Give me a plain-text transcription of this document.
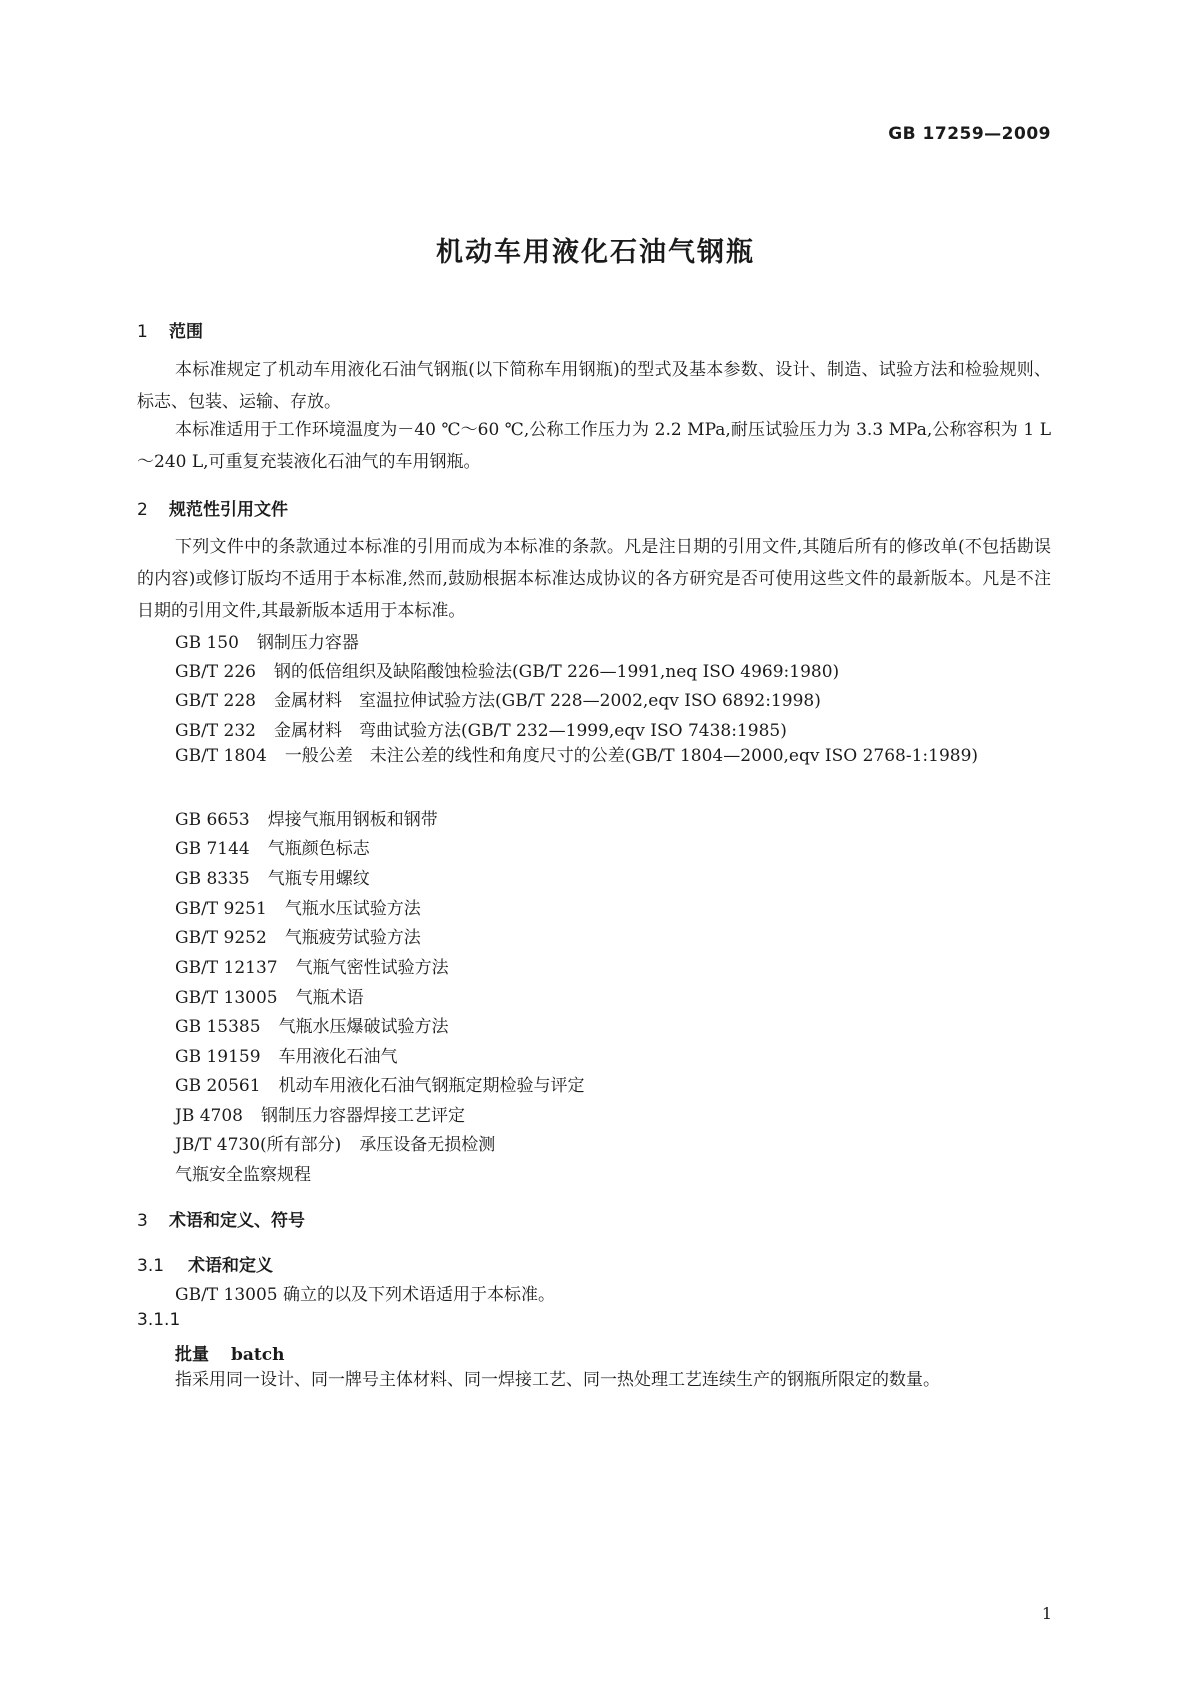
GB 17259—2009
机动车用液化石油气钢瓶
1 范围
本标准规定了机动车用液化石油气钢瓶(以下简称车用钢瓶)的型式及基本参数、设计、制造、试验方法和检验规则、标志、包装、运输、存放。
本标准适用于工作环境温度为－40 ℃～60 ℃,公称工作压力为 2.2 MPa,耐压试验压力为 3.3 MPa,公称容积为 1 L～240 L,可重复充装液化石油气的车用钢瓶。
2 规范性引用文件
下列文件中的条款通过本标准的引用而成为本标准的条款。凡是注日期的引用文件,其随后所有的修改单(不包括勘误的内容)或修订版均不适用于本标准,然而,鼓励根据本标准达成协议的各方研究是否可使用这些文件的最新版本。凡是不注日期的引用文件,其最新版本适用于本标准。
GB 150 钢制压力容器
GB/T 226 钢的低倍组织及缺陷酸蚀检验法(GB/T 226—1991,neq ISO 4969:1980)
GB/T 228 金属材料　室温拉伸试验方法(GB/T 228—2002,eqv ISO 6892:1998)
GB/T 232 金属材料　弯曲试验方法(GB/T 232—1999,eqv ISO 7438:1985)
GB/T 1804 一般公差　未注公差的线性和角度尺寸的公差(GB/T 1804—2000,eqv ISO 2768-1:1989)
GB 6653 焊接气瓶用钢板和钢带
GB 7144 气瓶颜色标志
GB 8335 气瓶专用螺纹
GB/T 9251 气瓶水压试验方法
GB/T 9252 气瓶疲劳试验方法
GB/T 12137 气瓶气密性试验方法
GB/T 13005 气瓶术语
GB 15385 气瓶水压爆破试验方法
GB 19159 车用液化石油气
GB 20561 机动车用液化石油气钢瓶定期检验与评定
JB 4708 钢制压力容器焊接工艺评定
JB/T 4730(所有部分) 承压设备无损检测
气瓶安全监察规程
3 术语和定义、符号
3.1 术语和定义
GB/T 13005 确立的以及下列术语适用于本标准。
3.1.1
批量 batch
指采用同一设计、同一牌号主体材料、同一焊接工艺、同一热处理工艺连续生产的钢瓶所限定的数量。
1
